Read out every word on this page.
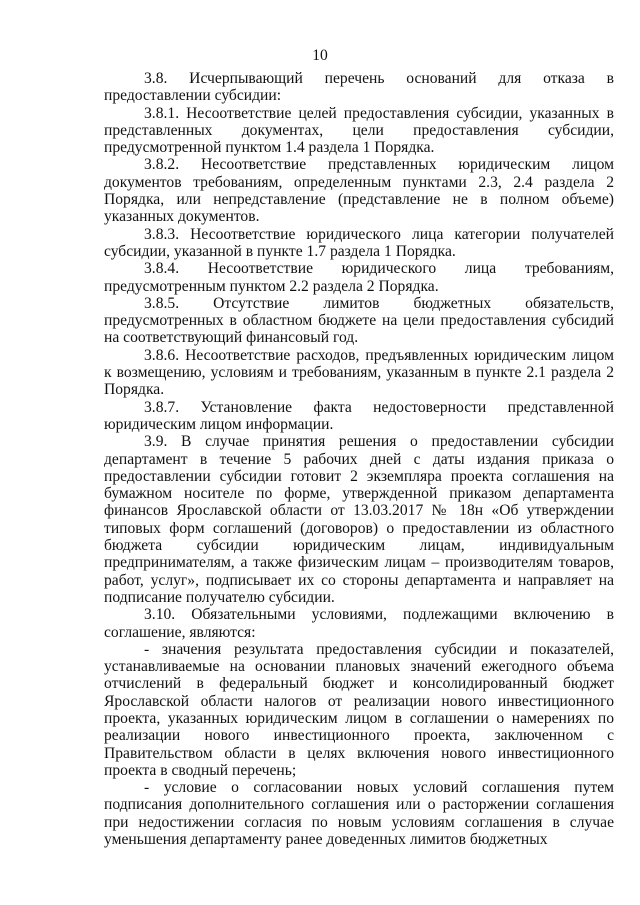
10

3.8. Исчерпывающий перечень оснований для отказа в предоставлении субсидии:

3.8.1. Несоответствие целей предоставления субсидии, указанных в представленных документах, цели предоставления субсидии, предусмотренной пунктом 1.4 раздела 1 Порядка.

3.8.2. Несоответствие представленных юридическим лицом документов требованиям, определенным пунктами 2.3, 2.4 раздела 2 Порядка, или непредставление (представление не в полном объеме) указанных документов.

3.8.3. Несоответствие юридического лица категории получателей субсидии, указанной в пункте 1.7 раздела 1 Порядка.

3.8.4. Несоответствие юридического лица требованиям, предусмотренным пунктом 2.2 раздела 2 Порядка.

3.8.5. Отсутствие лимитов бюджетных обязательств, предусмотренных в областном бюджете на цели предоставления субсидий на соответствующий финансовый год.

3.8.6. Несоответствие расходов, предъявленных юридическим лицом к возмещению, условиям и требованиям, указанным в пункте 2.1 раздела 2 Порядка.

3.8.7. Установление факта недостоверности представленной юридическим лицом информации.

3.9. В случае принятия решения о предоставлении субсидии департамент в течение 5 рабочих дней с даты издания приказа о предоставлении субсидии готовит 2 экземпляра проекта соглашения на бумажном носителе по форме, утвержденной приказом департамента финансов Ярославской области от 13.03.2017 № 18н «Об утверждении типовых форм соглашений (договоров) о предоставлении из областного бюджета субсидии юридическим лицам, индивидуальным предпринимателям, а также физическим лицам – производителям товаров, работ, услуг», подписывает их со стороны департамента и направляет на подписание получателю субсидии.

3.10. Обязательными условиями, подлежащими включению в соглашение, являются:

- значения результата предоставления субсидии и показателей, устанавливаемые на основании плановых значений ежегодного объема отчислений в федеральный бюджет и консолидированный бюджет Ярославской области налогов от реализации нового инвестиционного проекта, указанных юридическим лицом в соглашении о намерениях по реализации нового инвестиционного проекта, заключенном с Правительством области в целях включения нового инвестиционного проекта в сводный перечень;

- условие о согласовании новых условий соглашения путем подписания дополнительного соглашения или о расторжении соглашения при недостижении согласия по новым условиям соглашения в случае уменьшения департаменту ранее доведенных лимитов бюджетных
